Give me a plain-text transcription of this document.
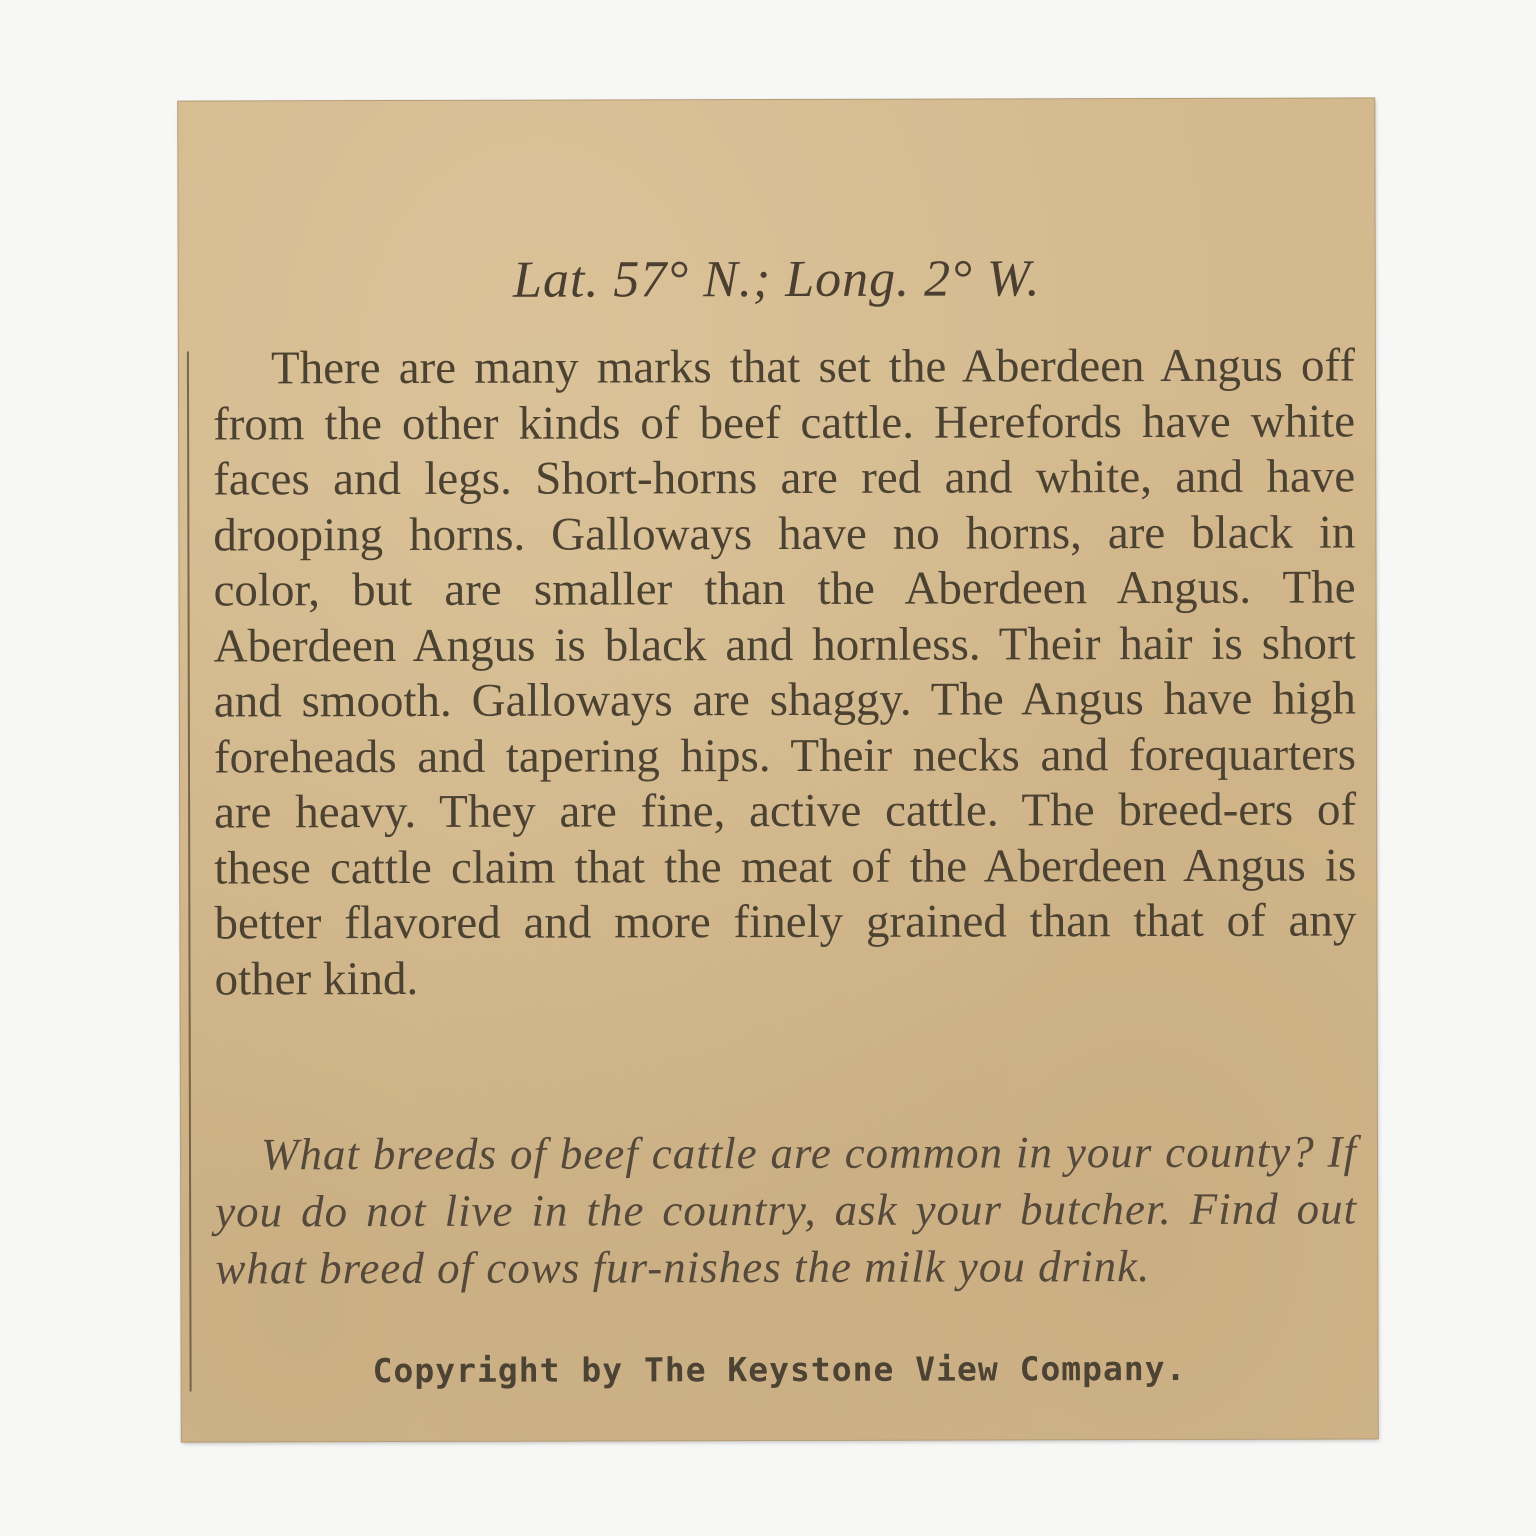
Lat. 57° N.; Long. 2° W.

There are many marks that set the Aberdeen Angus off from the other kinds of beef cattle. Herefords have white faces and legs. Short-horns are red and white, and have drooping horns. Galloways have no horns, are black in color, but are smaller than the Aberdeen Angus. The Aberdeen Angus is black and hornless. Their hair is short and smooth. Galloways are shaggy. The Angus have high foreheads and tapering hips. Their necks and forequarters are heavy. They are fine, active cattle. The breed-ers of these cattle claim that the meat of the Aberdeen Angus is better flavored and more finely grained than that of any other kind.

What breeds of beef cattle are common in your county? If you do not live in the country, ask your butcher. Find out what breed of cows fur-nishes the milk you drink.

Copyright by The Keystone View Company.
